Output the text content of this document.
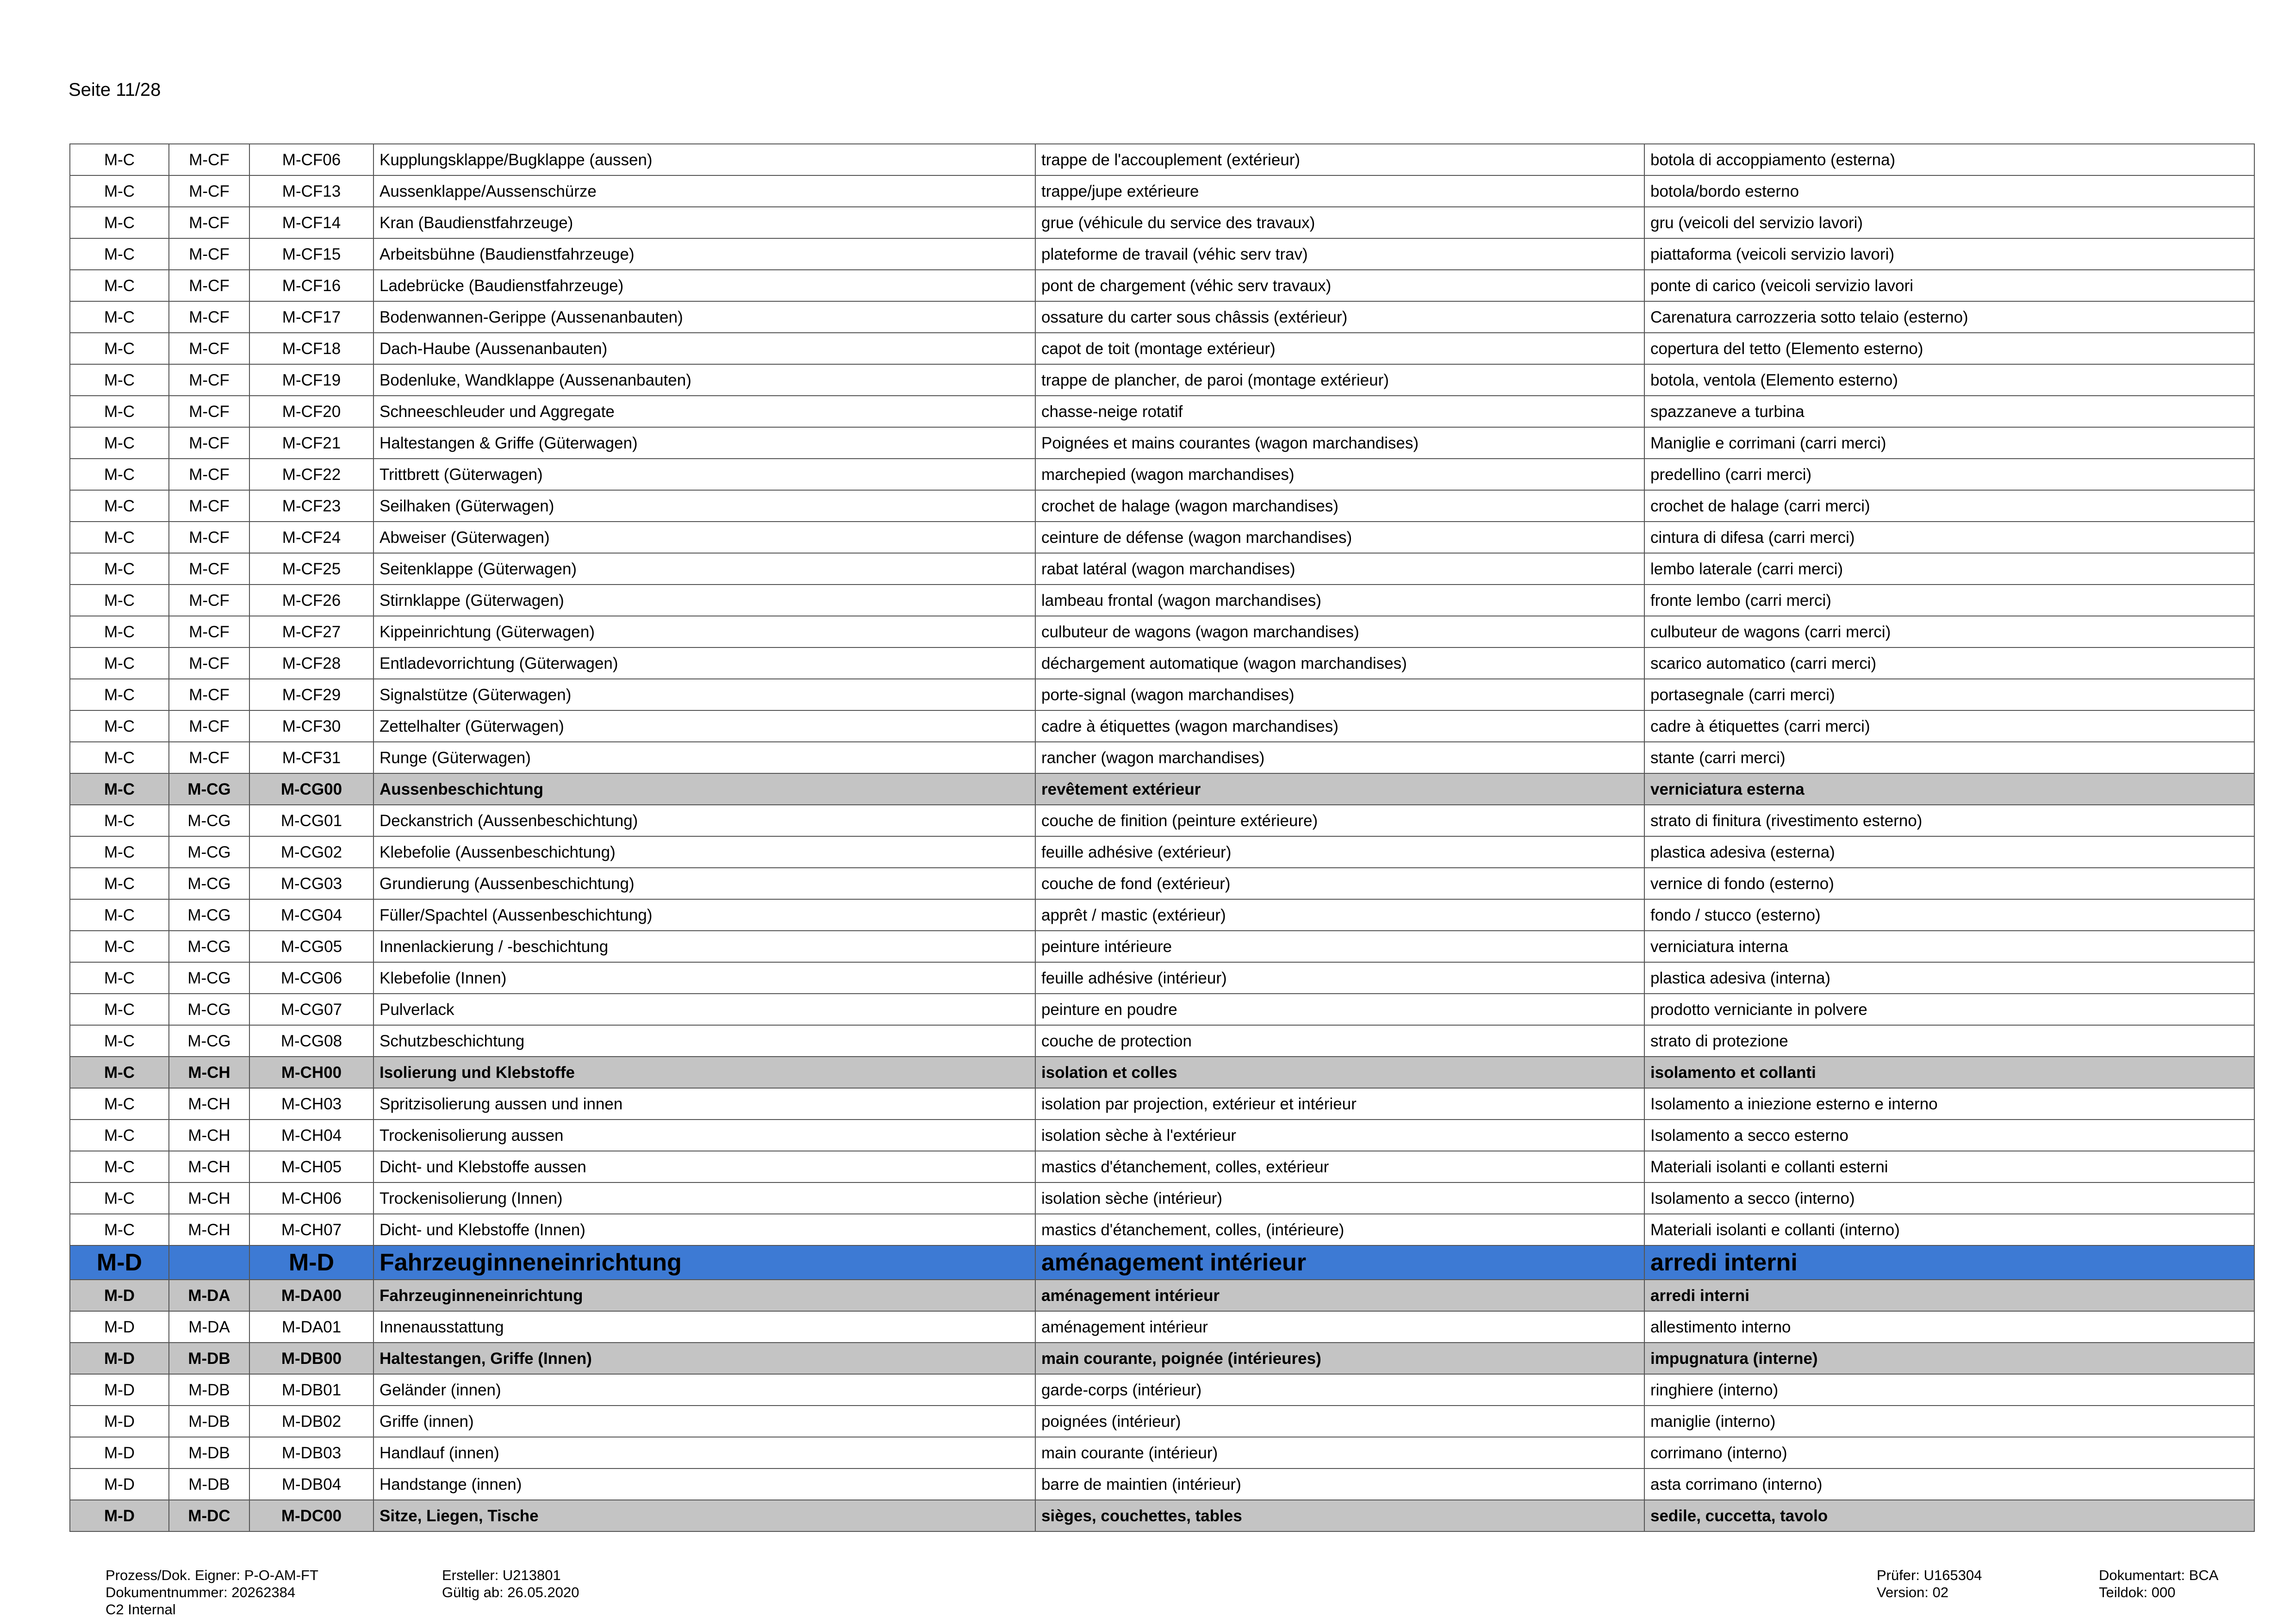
Seite 11/28
M-C	M-CF	M-CF06	Kupplungsklappe/Bugklappe (aussen)	trappe de l'accouplement (extérieur)	botola di accoppiamento (esterna)
M-C	M-CF	M-CF13	Aussenklappe/Aussenschürze	trappe/jupe extérieure	botola/bordo esterno
M-C	M-CF	M-CF14	Kran (Baudienstfahrzeuge)	grue (véhicule du service des travaux)	gru (veicoli del servizio lavori)
M-C	M-CF	M-CF15	Arbeitsbühne (Baudienstfahrzeuge)	plateforme de travail (véhic serv trav)	piattaforma (veicoli servizio lavori)
M-C	M-CF	M-CF16	Ladebrücke (Baudienstfahrzeuge)	pont de chargement (véhic serv travaux)	ponte di carico (veicoli servizio lavori
M-C	M-CF	M-CF17	Bodenwannen-Gerippe (Aussenanbauten)	ossature du carter sous châssis (extérieur)	Carenatura carrozzeria sotto telaio (esterno)
M-C	M-CF	M-CF18	Dach-Haube (Aussenanbauten)	capot de toit (montage extérieur)	copertura del tetto (Elemento esterno)
M-C	M-CF	M-CF19	Bodenluke, Wandklappe (Aussenanbauten)	trappe de plancher, de paroi (montage extérieur)	botola, ventola (Elemento esterno)
M-C	M-CF	M-CF20	Schneeschleuder und Aggregate	chasse-neige rotatif	spazzaneve a turbina
M-C	M-CF	M-CF21	Haltestangen & Griffe (Güterwagen)	Poignées et mains courantes (wagon marchandises)	Maniglie e corrimani (carri merci)
M-C	M-CF	M-CF22	Trittbrett (Güterwagen)	marchepied (wagon marchandises)	predellino (carri merci)
M-C	M-CF	M-CF23	Seilhaken (Güterwagen)	crochet de halage (wagon marchandises)	crochet de halage (carri merci)
M-C	M-CF	M-CF24	Abweiser (Güterwagen)	ceinture de défense (wagon marchandises)	cintura di difesa (carri merci)
M-C	M-CF	M-CF25	Seitenklappe (Güterwagen)	rabat latéral (wagon marchandises)	lembo laterale (carri merci)
M-C	M-CF	M-CF26	Stirnklappe (Güterwagen)	lambeau frontal (wagon marchandises)	fronte lembo (carri merci)
M-C	M-CF	M-CF27	Kippeinrichtung (Güterwagen)	culbuteur de wagons (wagon marchandises)	culbuteur de wagons (carri merci)
M-C	M-CF	M-CF28	Entladevorrichtung (Güterwagen)	déchargement automatique (wagon marchandises)	scarico automatico (carri merci)
M-C	M-CF	M-CF29	Signalstütze (Güterwagen)	porte-signal (wagon marchandises)	portasegnale (carri merci)
M-C	M-CF	M-CF30	Zettelhalter (Güterwagen)	cadre à étiquettes (wagon marchandises)	cadre à étiquettes (carri merci)
M-C	M-CF	M-CF31	Runge (Güterwagen)	rancher (wagon marchandises)	stante (carri merci)
M-C	M-CG	M-CG00	Aussenbeschichtung	revêtement extérieur	verniciatura esterna
M-C	M-CG	M-CG01	Deckanstrich (Aussenbeschichtung)	couche de finition (peinture extérieure)	strato di finitura (rivestimento esterno)
M-C	M-CG	M-CG02	Klebefolie (Aussenbeschichtung)	feuille adhésive (extérieur)	plastica adesiva (esterna)
M-C	M-CG	M-CG03	Grundierung (Aussenbeschichtung)	couche de fond (extérieur)	vernice di fondo (esterno)
M-C	M-CG	M-CG04	Füller/Spachtel (Aussenbeschichtung)	apprêt / mastic (extérieur)	fondo / stucco (esterno)
M-C	M-CG	M-CG05	Innenlackierung / -beschichtung	peinture intérieure	verniciatura interna
M-C	M-CG	M-CG06	Klebefolie (Innen)	feuille adhésive (intérieur)	plastica adesiva (interna)
M-C	M-CG	M-CG07	Pulverlack	peinture en poudre	prodotto verniciante in polvere
M-C	M-CG	M-CG08	Schutzbeschichtung	couche de protection	strato di protezione
M-C	M-CH	M-CH00	Isolierung und Klebstoffe	isolation et colles	isolamento et collanti
M-C	M-CH	M-CH03	Spritzisolierung aussen und innen	isolation par projection, extérieur et intérieur	Isolamento a iniezione esterno e interno
M-C	M-CH	M-CH04	Trockenisolierung aussen	isolation sèche à l'extérieur	Isolamento a secco esterno
M-C	M-CH	M-CH05	Dicht- und Klebstoffe aussen	mastics d'étanchement, colles, extérieur	Materiali isolanti e collanti esterni
M-C	M-CH	M-CH06	Trockenisolierung (Innen)	isolation sèche (intérieur)	Isolamento a secco (interno)
M-C	M-CH	M-CH07	Dicht- und Klebstoffe (Innen)	mastics d'étanchement, colles, (intérieure)	Materiali isolanti e collanti (interno)
M-D		M-D	Fahrzeuginneneinrichtung	aménagement intérieur	arredi interni
M-D	M-DA	M-DA00	Fahrzeuginneneinrichtung	aménagement intérieur	arredi interni
M-D	M-DA	M-DA01	Innenausstattung	aménagement intérieur	allestimento interno
M-D	M-DB	M-DB00	Haltestangen, Griffe (Innen)	main courante, poignée (intérieures)	impugnatura (interne)
M-D	M-DB	M-DB01	Geländer (innen)	garde-corps (intérieur)	ringhiere (interno)
M-D	M-DB	M-DB02	Griffe (innen)	poignées (intérieur)	maniglie (interno)
M-D	M-DB	M-DB03	Handlauf (innen)	main courante (intérieur)	corrimano (interno)
M-D	M-DB	M-DB04	Handstange (innen)	barre de maintien (intérieur)	asta corrimano (interno)
M-D	M-DC	M-DC00	Sitze, Liegen, Tische	sièges, couchettes, tables	sedile, cuccetta, tavolo
Prozess/Dok. Eigner: P-O-AM-FT
Dokumentnummer: 20262384
C2 Internal
Ersteller: U213801
Gültig ab: 26.05.2020
Prüfer: U165304
Version: 02
Dokumentart: BCA
Teildok: 000
